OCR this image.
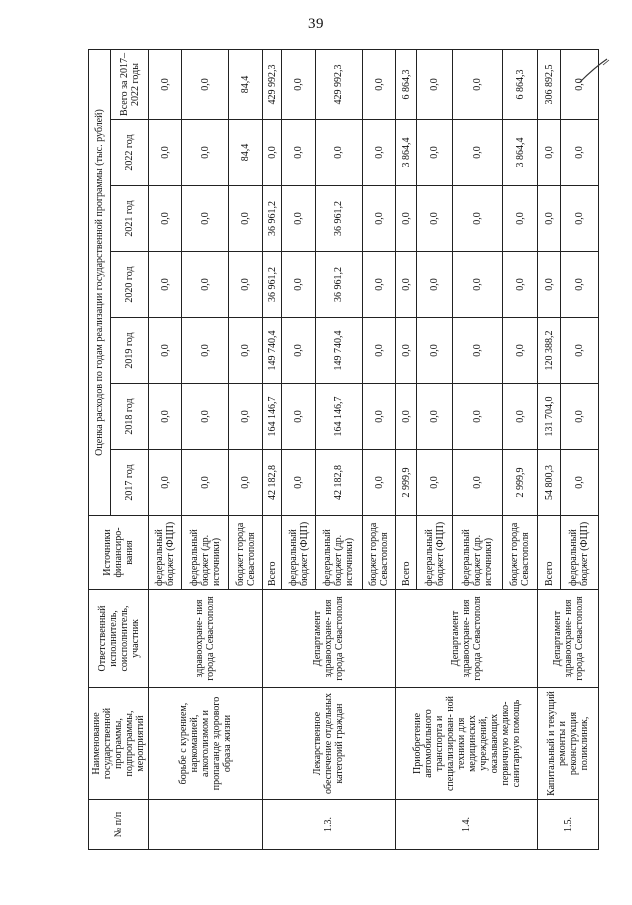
39
№ п/п	Наименование государственной программы, подпрограммы, мероприятий	Ответственный исполнитель, соисполнитель, участник	Источники финансиро- вания	Оценка расходов по годам реализации государственной программы (тыс. рублей)						
				2017 год	2018 год	2019 год	2020 год	2021 год	2022 год	Всего за 2017–2022 годы
	борьбе с курением, наркоманией, алкоголизмом и пропаганде здорового образа жизни	здравоохране- ния города Севастополя	федеральный бюджет (ФЦП)	0,0	0,0	0,0	0,0	0,0	0,0	0,0
			федеральный бюджет (др. источники)	0,0	0,0	0,0	0,0	0,0	0,0	0,0
			бюджет города Севастополя	0,0	0,0	0,0	0,0	0,0	84,4	84,4
1.3.	Лекарственное обеспечение отдельных категорий граждан	Департамент здравоохране- ния города Севастополя	Всего	42 182,8	164 146,7	149 740,4	36 961,2	36 961,2	0,0	429 992,3
			федеральный бюджет (ФЦП)	0,0	0,0	0,0	0,0	0,0	0,0	0,0
			федеральный бюджет (др. источники)	42 182,8	164 146,7	149 740,4	36 961,2	36 961,2	0,0	429 992,3
			бюджет города Севастополя	0,0	0,0	0,0	0,0	0,0	0,0	0,0
1.4.	Приобретение автомобильного транспорта и специализирован- ной техники для медицинских учреждений, оказывающих первичную медико-санитарную помощь	Департамент здравоохране- ния города Севастополя	Всего	2 999,9	0,0	0,0	0,0	0,0	3 864,4	6 864,3
			федеральный бюджет (ФЦП)	0,0	0,0	0,0	0,0	0,0	0,0	0,0
			федеральный бюджет (др. источники)	0,0	0,0	0,0	0,0	0,0	0,0	0,0
			бюджет города Севастополя	2 999,9	0,0	0,0	0,0	0,0	3 864,4	6 864,3
1.5.	Капитальный и текущий ремонты и реконструкция поликлиник,	Департамент здравоохране- ния города Севастополя	Всего	54 800,3	131 704,0	120 388,2	0,0	0,0	0,0	306 892,5
			федеральный бюджет (ФЦП)	0,0	0,0	0,0	0,0	0,0	0,0	0,0
